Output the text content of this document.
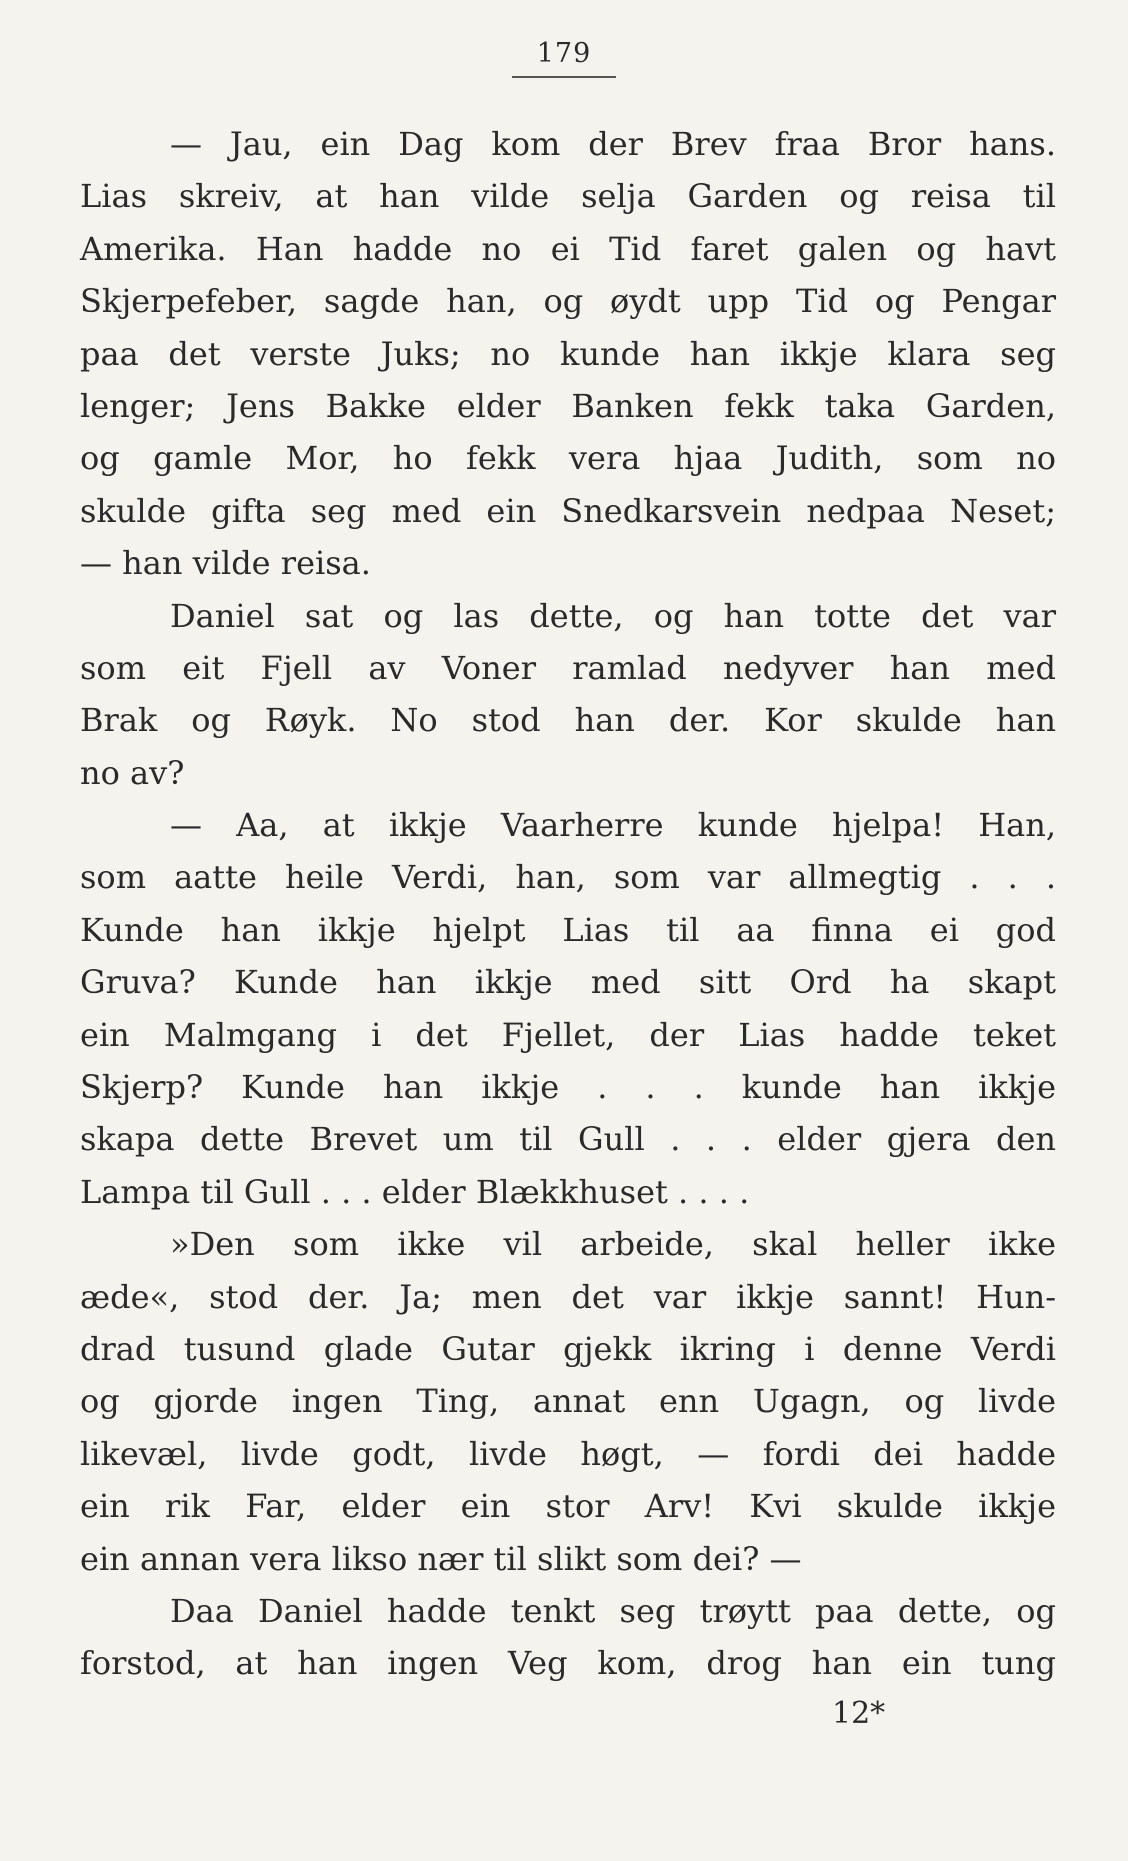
179
— Jau, ein Dag kom der Brev fraa Bror hans.
Lias skreiv, at han vilde selja Garden og reisa til
Amerika. Han hadde no ei Tid faret galen og havt
Skjerpefeber, sagde han, og øydt upp Tid og Pengar
paa det verste Juks; no kunde han ikkje klara seg
lenger; Jens Bakke elder Banken fekk taka Garden,
og gamle Mor, ho fekk vera hjaa Judith, som no
skulde gifta seg med ein Snedkarsvein nedpaa Neset;
— han vilde reisa.
Daniel sat og las dette, og han totte det var
som eit Fjell av Voner ramlad nedyver han med
Brak og Røyk. No stod han der. Kor skulde han
no av?
— Aa, at ikkje Vaarherre kunde hjelpa! Han,
som aatte heile Verdi, han, som var allmegtig . . .
Kunde han ikkje hjelpt Lias til aa finna ei god
Gruva? Kunde han ikkje med sitt Ord ha skapt
ein Malmgang i det Fjellet, der Lias hadde teket
Skjerp? Kunde han ikkje . . . kunde han ikkje
skapa dette Brevet um til Gull . . . elder gjera den
Lampa til Gull . . . elder Blækkhuset . . . .
»Den som ikke vil arbeide, skal heller ikke
æde«, stod der. Ja; men det var ikkje sannt! Hun-
drad tusund glade Gutar gjekk ikring i denne Verdi
og gjorde ingen Ting, annat enn Ugagn, og livde
likevæl, livde godt, livde høgt, — fordi dei hadde
ein rik Far, elder ein stor Arv! Kvi skulde ikkje
ein annan vera likso nær til slikt som dei? —
Daa Daniel hadde tenkt seg trøytt paa dette, og
forstod, at han ingen Veg kom, drog han ein tung
12*
